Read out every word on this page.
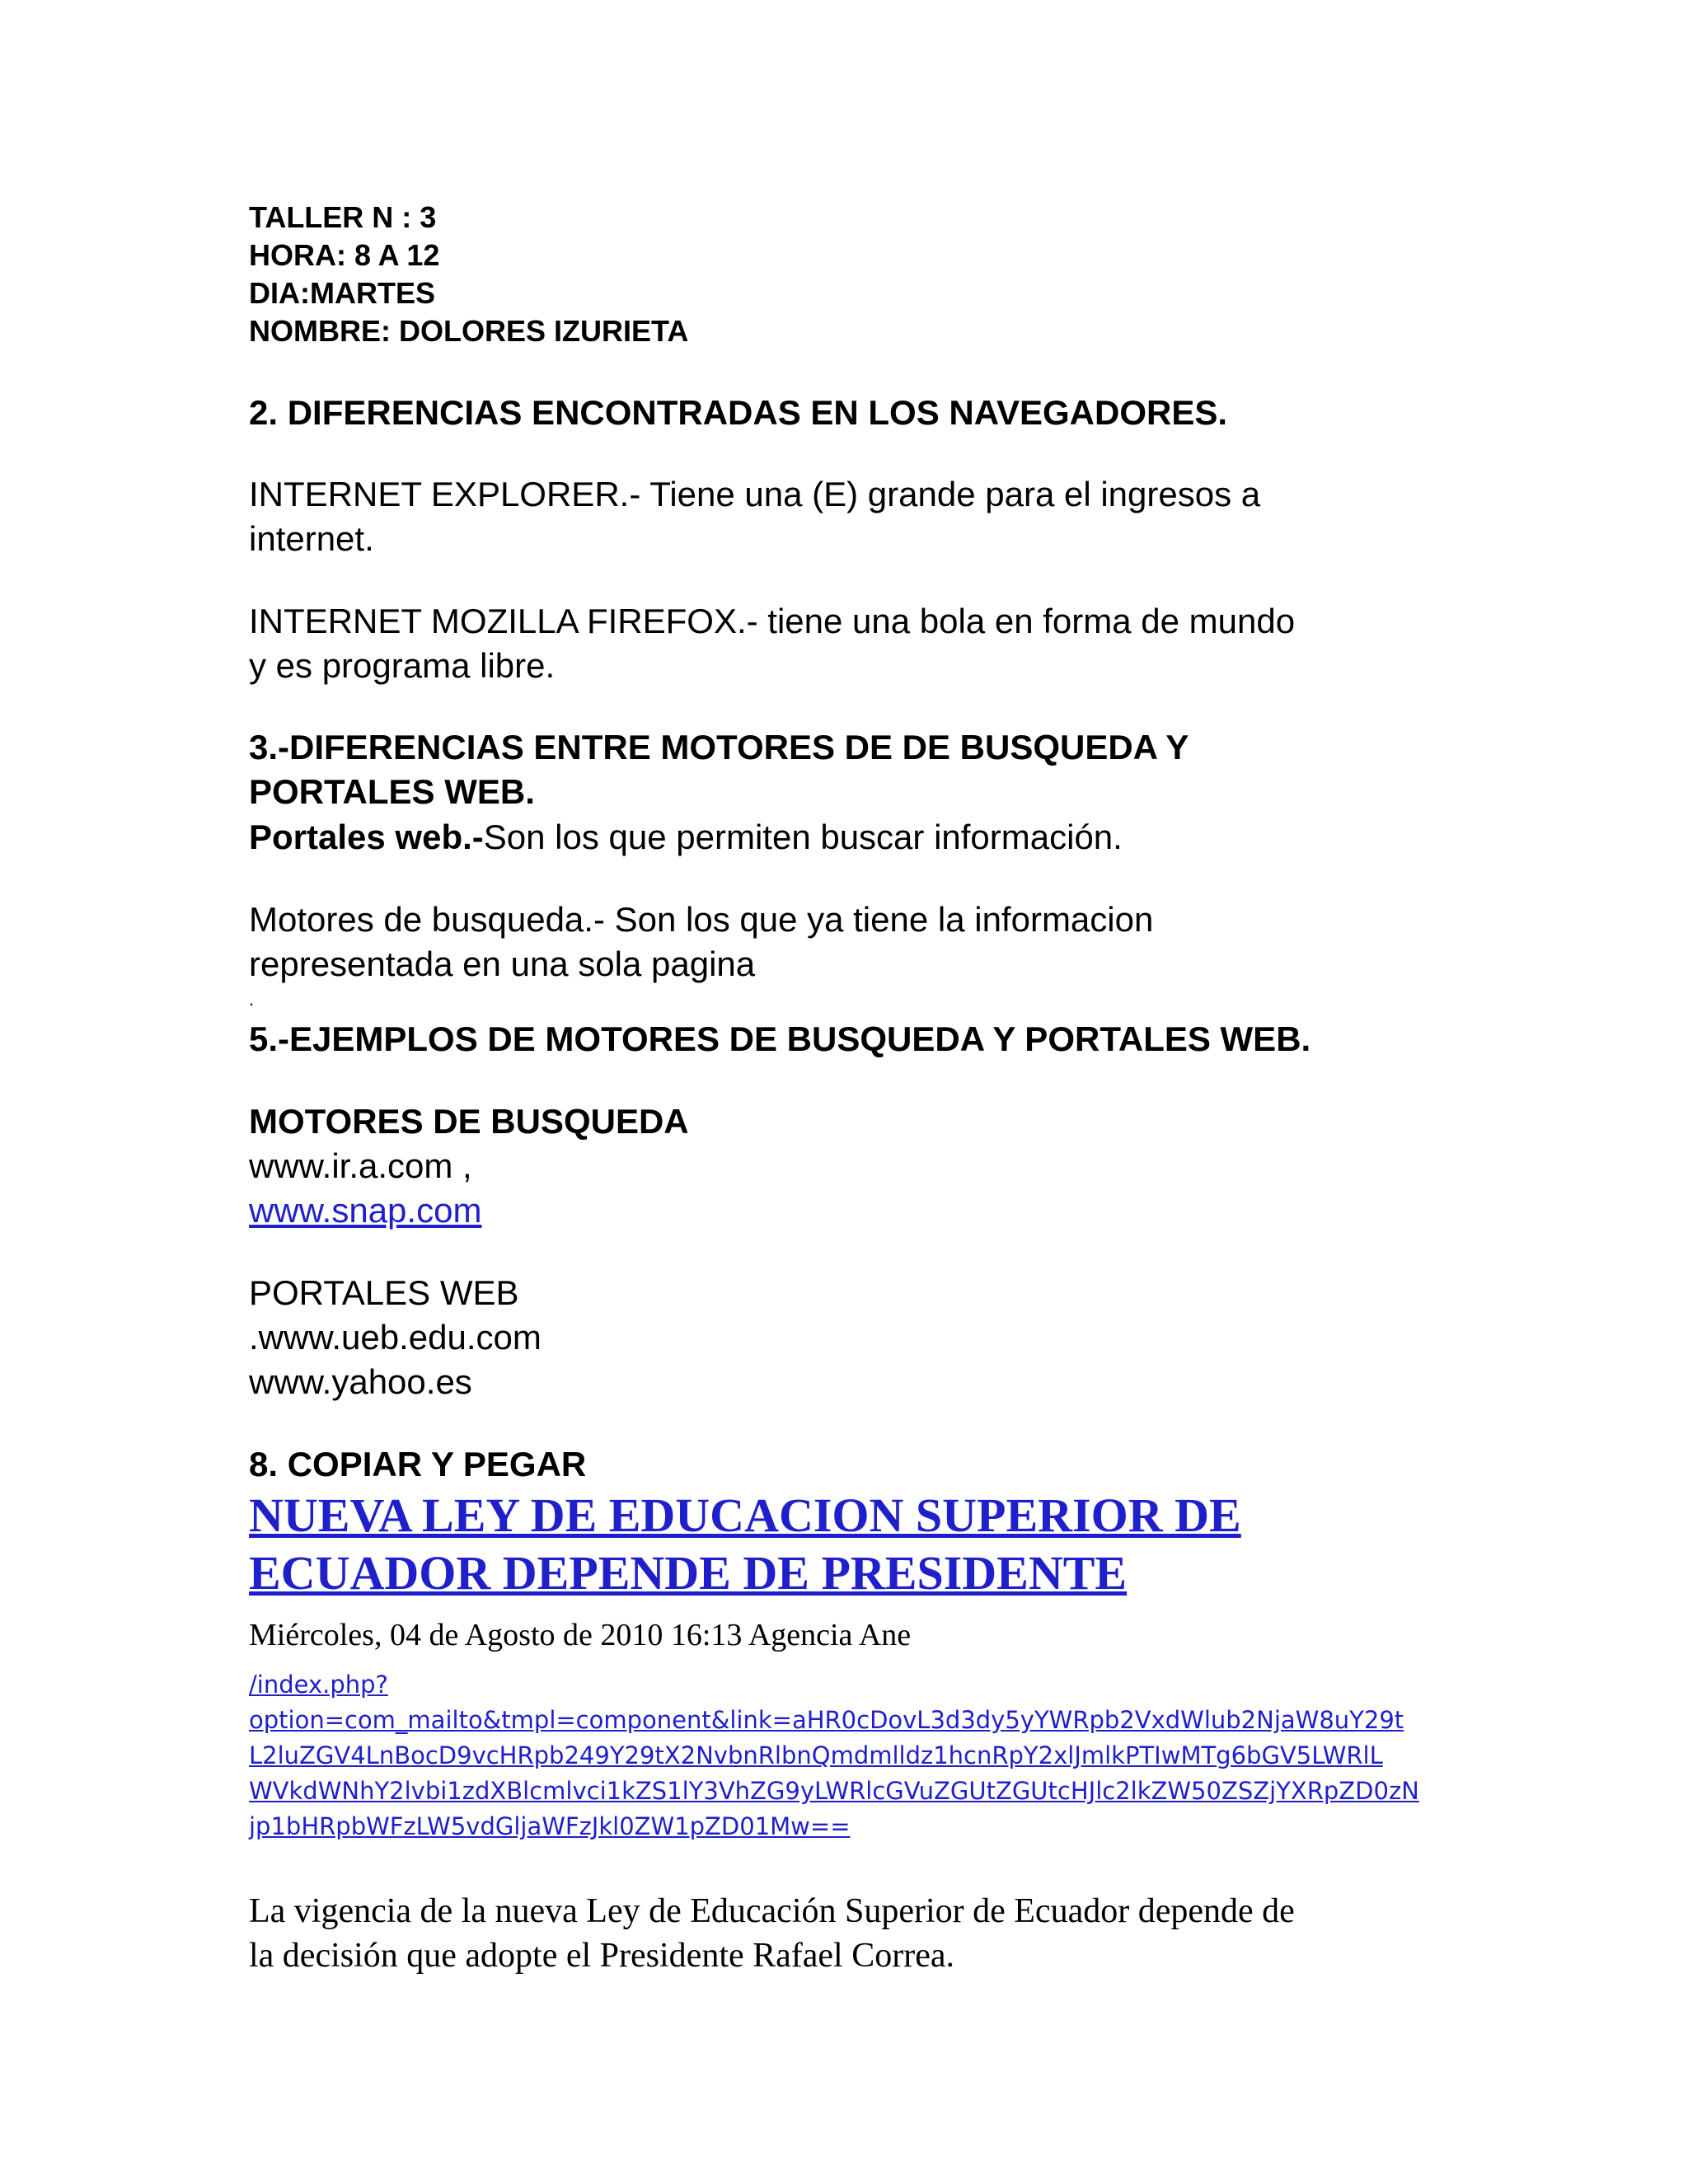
TALLER N : 3
HORA: 8 A 12
DIA:MARTES
NOMBRE: DOLORES IZURIETA
2. DIFERENCIAS ENCONTRADAS EN LOS NAVEGADORES.
INTERNET EXPLORER.- Tiene una (E) grande para el ingresos a
internet.
INTERNET MOZILLA FIREFOX.- tiene una bola en forma de mundo
y es programa libre.
3.-DIFERENCIAS ENTRE MOTORES DE DE BUSQUEDA Y
PORTALES WEB.
Portales web.-Son los que permiten buscar información.
Motores de busqueda.- Son los que ya tiene la informacion
representada en una sola pagina
.
5.-EJEMPLOS DE MOTORES DE BUSQUEDA Y PORTALES WEB.
MOTORES DE BUSQUEDA
www.ir.a.com ,
www.snap.com
PORTALES WEB
.www.ueb.edu.com
www.yahoo.es
8. COPIAR Y PEGAR
NUEVA LEY DE EDUCACION SUPERIOR DE
ECUADOR DEPENDE DE PRESIDENTE
Miércoles, 04 de Agosto de 2010 16:13 Agencia Ane
/index.php?
option=com_mailto&tmpl=component&link=aHR0cDovL3d3dy5yYWRpb2VxdWlub2NjaW8uY29t
L2luZGV4LnBocD9vcHRpb249Y29tX2NvbnRlbnQmdmlldz1hcnRpY2xlJmlkPTIwMTg6bGV5LWRlL
WVkdWNhY2lvbi1zdXBlcmlvci1kZS1lY3VhZG9yLWRlcGVuZGUtZGUtcHJlc2lkZW50ZSZjYXRpZD0zN
jp1bHRpbWFzLW5vdGljaWFzJkl0ZW1pZD01Mw==
La vigencia de la nueva Ley de Educación Superior de Ecuador depende de
la decisión que adopte el Presidente Rafael Correa.
